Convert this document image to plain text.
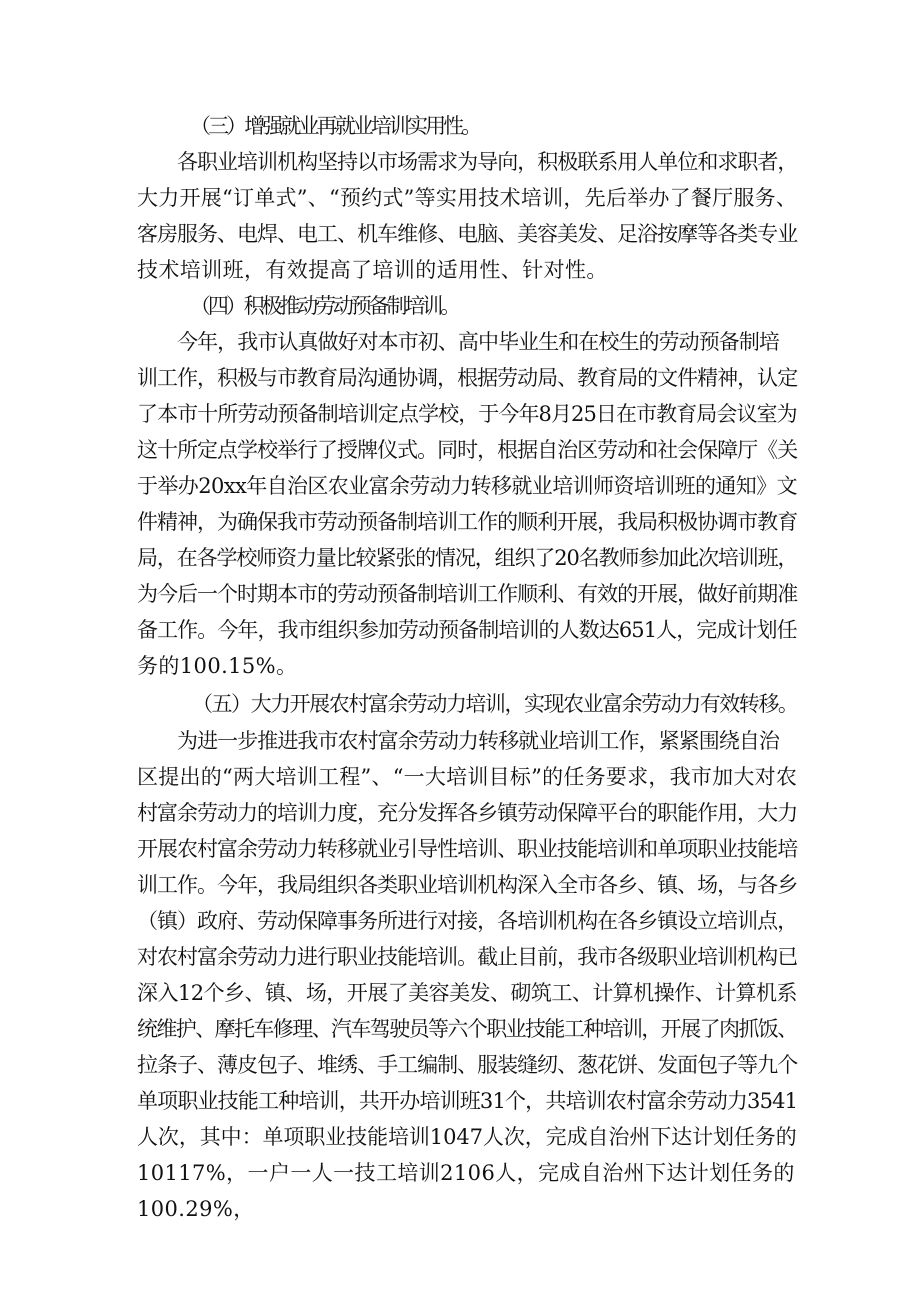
（三）增强就业再就业培训实用性。
各职业培训机构坚持以市场需求为导向，积极联系用人单位和求职者，
大力开展“订单式”、“预约式”等实用技术培训，先后举办了餐厅服务、
客房服务、电焊、电工、机车维修、电脑、美容美发、足浴按摩等各类专业
技术培训班，有效提高了培训的适用性、针对性。
（四）积极推动劳动预备制培训。
今年，我市认真做好对本市初、高中毕业生和在校生的劳动预备制培
训工作，积极与市教育局沟通协调，根据劳动局、教育局的文件精神，认定
了本市十所劳动预备制培训定点学校，于今年8月25日在市教育局会议室为
这十所定点学校举行了授牌仪式。同时，根据自治区劳动和社会保障厅《关
于举办20xx年自治区农业富余劳动力转移就业培训师资培训班的通知》文
件精神，为确保我市劳动预备制培训工作的顺利开展，我局积极协调市教育
局，在各学校师资力量比较紧张的情况，组织了20名教师参加此次培训班，
为今后一个时期本市的劳动预备制培训工作顺利、有效的开展，做好前期准
备工作。今年，我市组织参加劳动预备制培训的人数达651人，完成计划任
务的100.15%。
（五）大力开展农村富余劳动力培训，实现农业富余劳动力有效转移。
为进一步推进我市农村富余劳动力转移就业培训工作，紧紧围绕自治
区提出的“两大培训工程”、“一大培训目标”的任务要求，我市加大对农
村富余劳动力的培训力度，充分发挥各乡镇劳动保障平台的职能作用，大力
开展农村富余劳动力转移就业引导性培训、职业技能培训和单项职业技能培
训工作。今年，我局组织各类职业培训机构深入全市各乡、镇、场，与各乡
（镇）政府、劳动保障事务所进行对接，各培训机构在各乡镇设立培训点，
对农村富余劳动力进行职业技能培训。截止目前，我市各级职业培训机构已
深入12个乡、镇、场，开展了美容美发、砌筑工、计算机操作、计算机系
统维护、摩托车修理、汽车驾驶员等六个职业技能工种培训，开展了肉抓饭、
拉条子、薄皮包子、堆绣、手工编制、服装缝纫、葱花饼、发面包子等九个
单项职业技能工种培训，共开办培训班31个，共培训农村富余劳动力3541
人次，其中：单项职业技能培训1047人次，完成自治州下达计划任务的
10117%，一户一人一技工培训2106人，完成自治州下达计划任务的
100.29%，
